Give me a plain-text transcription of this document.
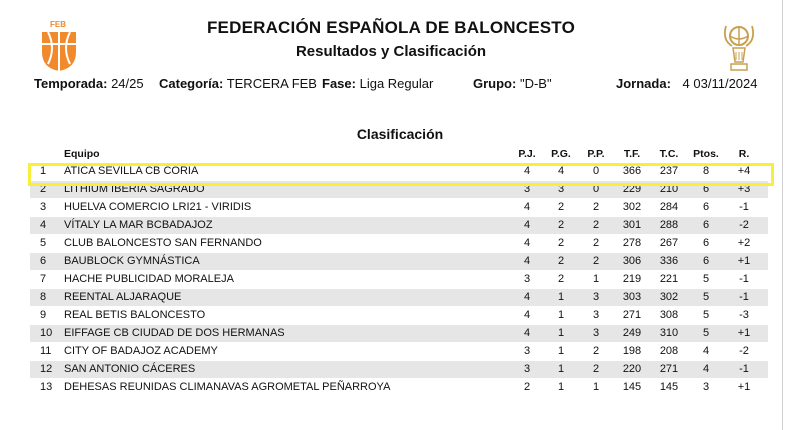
FEB	FEDERACIÓN ESPAÑOLA DE BALONCESTO
Resultados y Clasificación
Temporada: 24/25 Categoría: TERCERA FEB Fase: Liga Regular	Grupo: "D-B"	Jornada: 4 03/11/2024
Clasificación
Equipo	P.J.	P.G.	P.P.	T.F.	T.C.	Ptos.	R.
1 ATICA SEVILLA CB CORIA	4	4	0	366	237	8	+4
2 LITHIUM IBERIA SAGRADO	3	3	0	229	210	6	+3
3 HUELVA COMERCIO LRI21 - VIRIDIS	4	2	2	302	284	6	-1
4 VÍTALY LA MAR BCBADAJOZ	4	2	2	301	288	6	-2
5 CLUB BALONCESTO SAN FERNANDO	4	2	2	278	267	6	+2
6 BAUBLOCK GYMNÁSTICA	4	2	2	306	336	6	+1
7 HACHE PUBLICIDAD MORALEJA	3	2	1	219	221	5	-1
8 REENTAL ALJARAQUE	4	1	3	303	302	5	-1
9 REAL BETIS BALONCESTO	4	1	3	271	308	5	-3
10 EIFFAGE CB CIUDAD DE DOS HERMANAS	4	1	3	249	310	5	+1
11 CITY OF BADAJOZ ACADEMY	3	1	2	198	208	4	-2
12 SAN ANTONIO CÁCERES	3	1	2	220	271	4	-1
13 DEHESAS REUNIDAS CLIMANAVAS AGROMETAL PEÑARROYA	2	1	1	145	145	3	+1
